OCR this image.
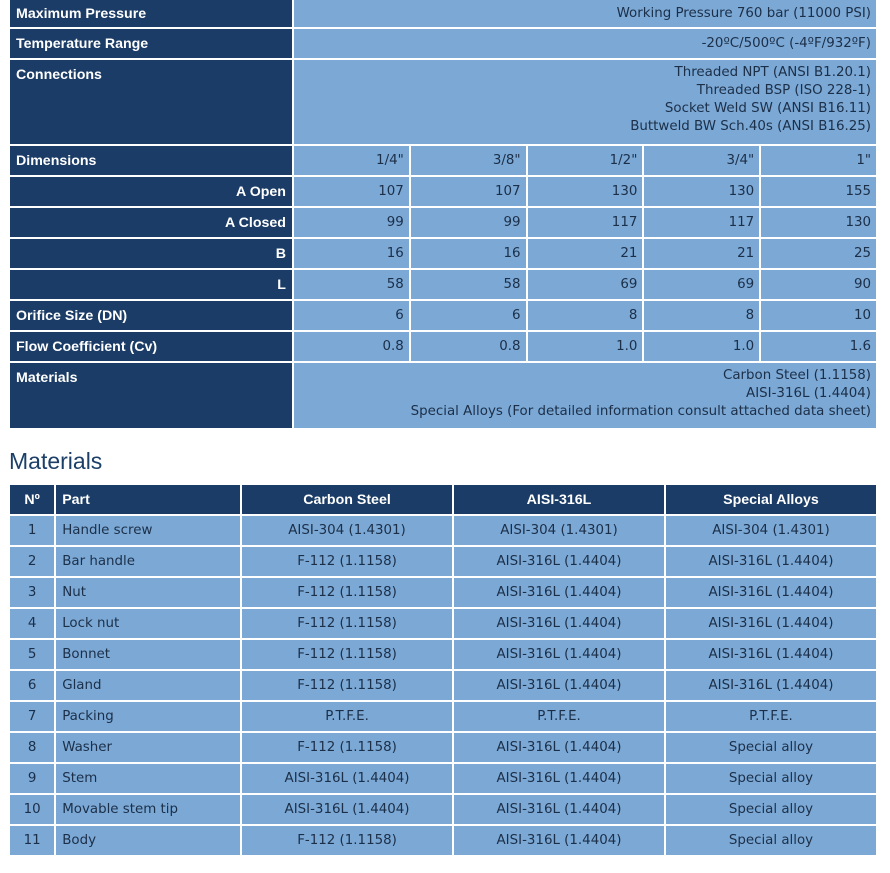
Maximum Pressure	Working Pressure 760 bar (11000 PSI)				
Temperature Range	-20ºC/500ºC (-4ºF/932ºF)				
Connections	Threaded NPT (ANSI B1.20.1)
Threaded BSP (ISO 228-1)
Socket Weld SW (ANSI B16.11)
Buttweld BW Sch.40s (ANSI B16.25)				

Dimensions	1/4"	3/8"	1/2"	3/4"	1"
A Open	107	107	130	130	155
A Closed	99	99	117	117	130
B	16	16	21	21	25
L	58	58	69	69	90
Orifice Size (DN)	6	6	8	8	10
Flow Coefficient (Cv)	0.8	0.8	1.0	1.0	1.6
Materials	Carbon Steel (1.1158)
AISI-316L (1.4404)
Special Alloys (For detailed information consult attached data sheet)				
Materials
Nº	Part	Carbon Steel	AISI-316L	Special Alloys
1	Handle screw	AISI-304 (1.4301)	AISI-304 (1.4301)	AISI-304 (1.4301)
2	Bar handle	F-112 (1.1158)	AISI-316L (1.4404)	AISI-316L (1.4404)
3	Nut	F-112 (1.1158)	AISI-316L (1.4404)	AISI-316L (1.4404)
4	Lock nut	F-112 (1.1158)	AISI-316L (1.4404)	AISI-316L (1.4404)
5	Bonnet	F-112 (1.1158)	AISI-316L (1.4404)	AISI-316L (1.4404)
6	Gland	F-112 (1.1158)	AISI-316L (1.4404)	AISI-316L (1.4404)
7	Packing	P.T.F.E.	P.T.F.E.	P.T.F.E.
8	Washer	F-112 (1.1158)	AISI-316L (1.4404)	Special alloy
9	Stem	AISI-316L (1.4404)	AISI-316L (1.4404)	Special alloy
10	Movable stem tip	AISI-316L (1.4404)	AISI-316L (1.4404)	Special alloy
11	Body	F-112 (1.1158)	AISI-316L (1.4404)	Special alloy
